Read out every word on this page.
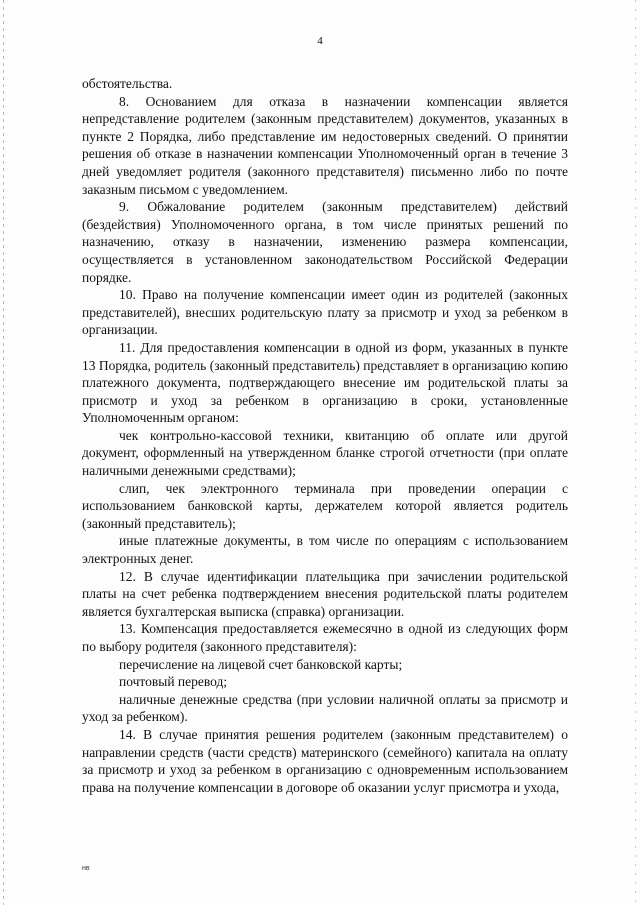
4

обстоятельства.

8. Основанием для отказа в назначении компенсации является непредставление родителем (законным представителем) документов, указанных в пункте 2 Порядка, либо представление им недостоверных сведений. О принятии решения об отказе в назначении компенсации Уполномоченный орган в течение 3 дней уведомляет родителя (законного представителя) письменно либо по почте заказным письмом с уведомлением.

9. Обжалование родителем (законным представителем) действий (бездействия) Уполномоченного органа, в том числе принятых решений по назначению, отказу в назначении, изменению размера компенсации, осуществляется в установленном законодательством Российской Федерации порядке.

10. Право на получение компенсации имеет один из родителей (законных представителей), внесших родительскую плату за присмотр и уход за ребенком в организации.

11. Для предоставления компенсации в одной из форм, указанных в пункте 13 Порядка, родитель (законный представитель) представляет в организацию копию платежного документа, подтверждающего внесение им родительской платы за присмотр и уход за ребенком в организацию в сроки, установленные Уполномоченным органом:

чек контрольно-кассовой техники, квитанцию об оплате или другой документ, оформленный на утвержденном бланке строгой отчетности (при оплате наличными денежными средствами);

слип, чек электронного терминала при проведении операции с использованием банковской карты, держателем которой является родитель (законный представитель);

иные платежные документы, в том числе по операциям с использованием электронных денег.

12. В случае идентификации плательщика при зачислении родительской платы на счет ребенка подтверждением внесения родительской платы родителем является бухгалтерская выписка (справка) организации.

13. Компенсация предоставляется ежемесячно в одной из следующих форм по выбору родителя (законного представителя):

перечисление на лицевой счет банковской карты;

почтовый перевод;

наличные денежные средства (при условии наличной оплаты за присмотр и уход за ребенком).

14. В случае принятия решения родителем (законным представителем) о направлении средств (части средств) материнского (семейного) капитала на оплату за присмотр и уход за ребенком в организацию с одновременным использованием права на получение компенсации в договоре об оказании услуг присмотра и ухода,

нв
